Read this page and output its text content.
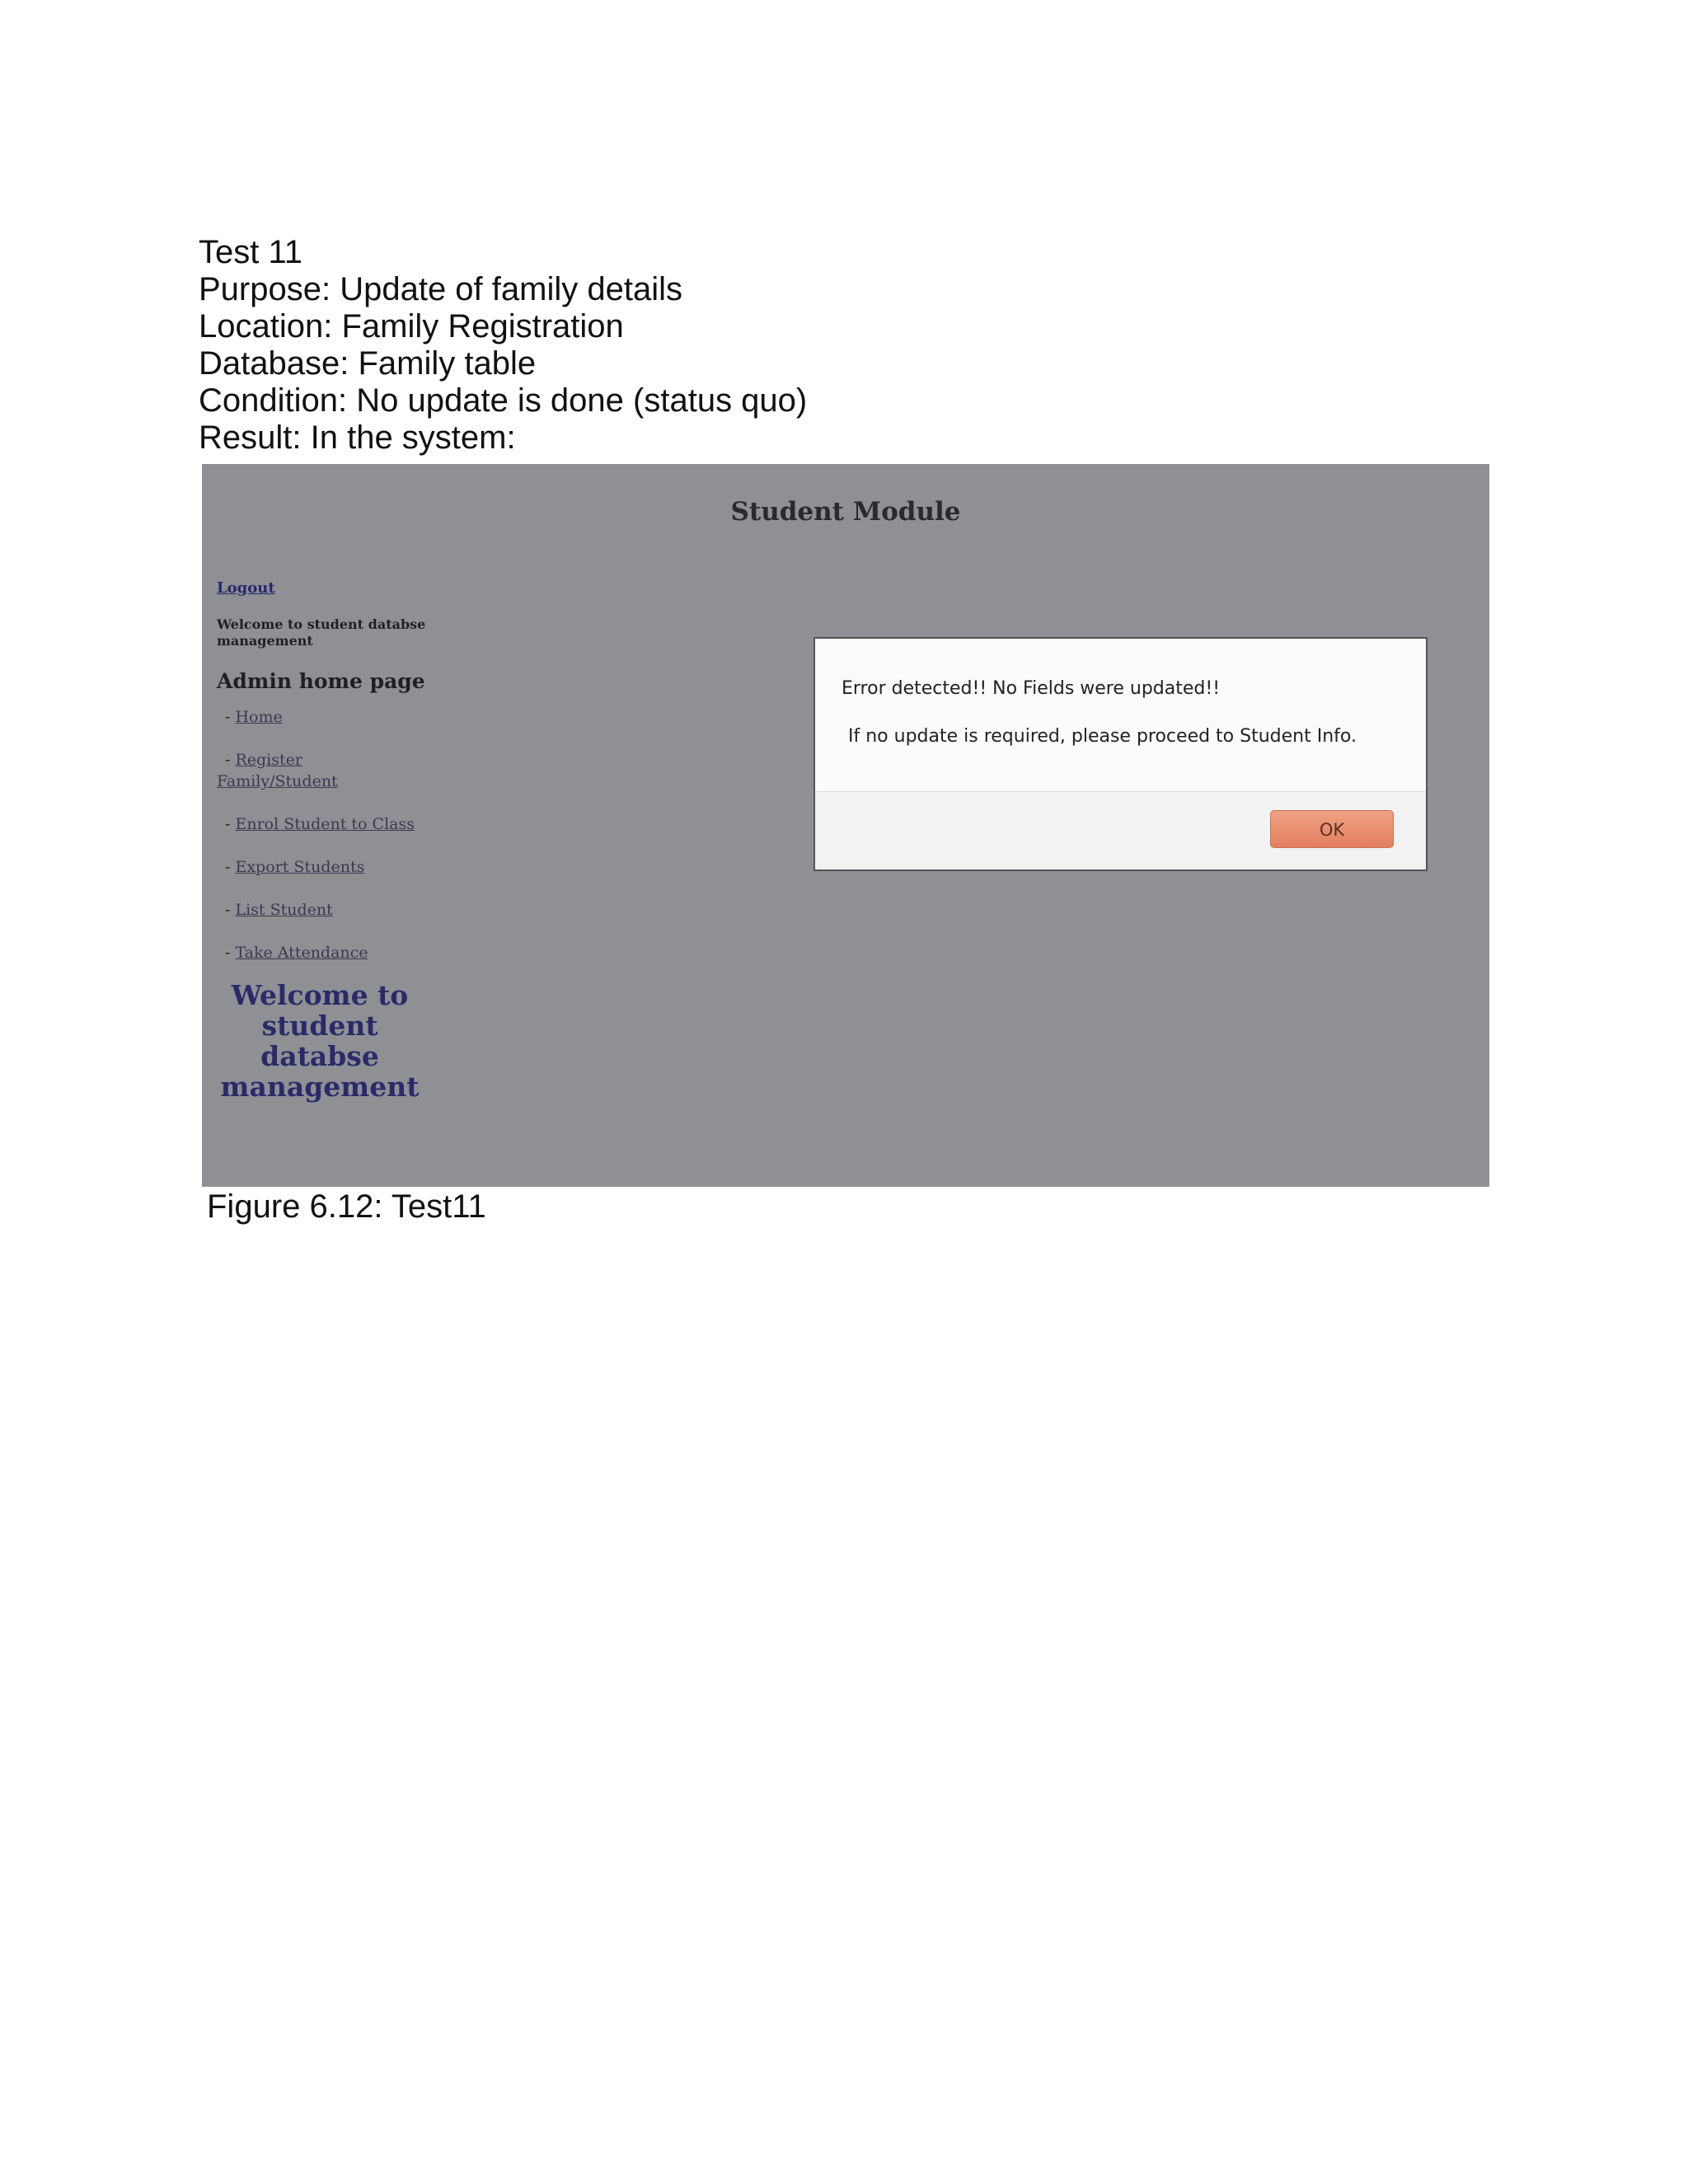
Test 11
Purpose: Update of family details
Location: Family Registration
Database: Family table
Condition: No update is done (status quo)
Result: In the system:
Student Module
Logout
Welcome to student databse management
Admin home page
- Home
- Register
Family/Student
- Enrol Student to Class
- Export Students
- List Student
- Take Attendance
Welcome to student databse management
Error detected!! No Fields were updated!!
If no update is required, please proceed to Student Info.
OK
Figure 6.12: Test11
